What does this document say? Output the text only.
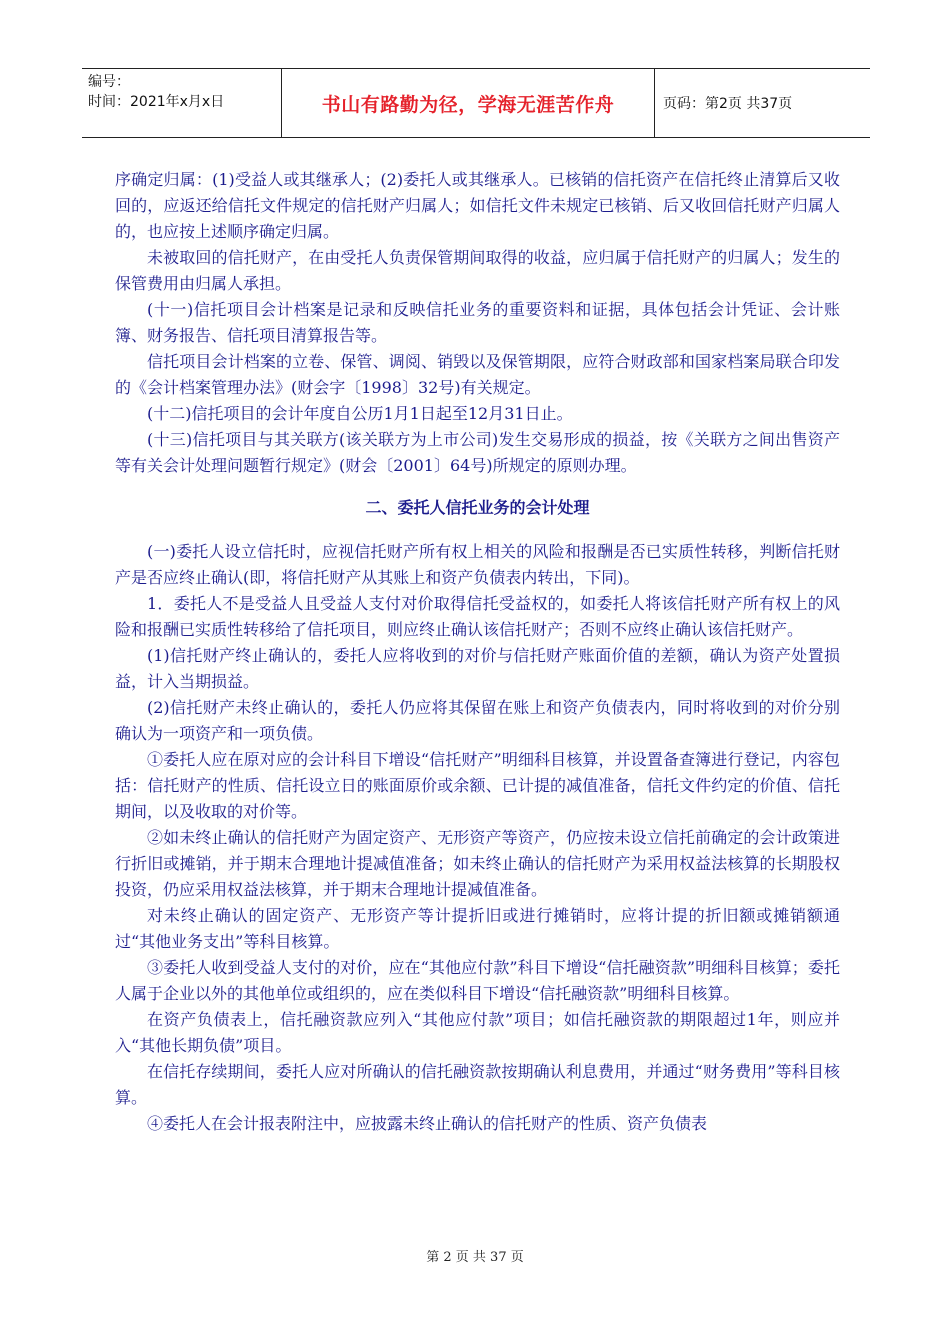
编号：
时间：2021年x月x日	书山有路勤为径，学海无涯苦作舟	页码：第2页 共37页

序确定归属：(1)受益人或其继承人；(2)委托人或其继承人。已核销的信托资产在信托终止清算后又收回的，应返还给信托文件规定的信托财产归属人；如信托文件未规定已核销、后又收回信托财产归属人的，也应按上述顺序确定归属。

未被取回的信托财产，在由受托人负责保管期间取得的收益，应归属于信托财产的归属人；发生的保管费用由归属人承担。

(十一)信托项目会计档案是记录和反映信托业务的重要资料和证据，具体包括会计凭证、会计账簿、财务报告、信托项目清算报告等。

信托项目会计档案的立卷、保管、调阅、销毁以及保管期限，应符合财政部和国家档案局联合印发的《会计档案管理办法》(财会字〔1998〕32号)有关规定。

(十二)信托项目的会计年度自公历1月1日起至12月31日止。

(十三)信托项目与其关联方(该关联方为上市公司)发生交易形成的损益，按《关联方之间出售资产等有关会计处理问题暂行规定》(财会〔2001〕64号)所规定的原则办理。

二、委托人信托业务的会计处理

(一)委托人设立信托时，应视信托财产所有权上相关的风险和报酬是否已实质性转移，判断信托财产是否应终止确认(即，将信托财产从其账上和资产负债表内转出，下同)。

1．委托人不是受益人且受益人支付对价取得信托受益权的，如委托人将该信托财产所有权上的风险和报酬已实质性转移给了信托项目，则应终止确认该信托财产；否则不应终止确认该信托财产。

(1)信托财产终止确认的，委托人应将收到的对价与信托财产账面价值的差额，确认为资产处置损益，计入当期损益。

(2)信托财产未终止确认的，委托人仍应将其保留在账上和资产负债表内，同时将收到的对价分别确认为一项资产和一项负债。

①委托人应在原对应的会计科目下增设“信托财产”明细科目核算，并设置备查簿进行登记，内容包括：信托财产的性质、信托设立日的账面原价或余额、已计提的减值准备，信托文件约定的价值、信托期间，以及收取的对价等。

②如未终止确认的信托财产为固定资产、无形资产等资产，仍应按未设立信托前确定的会计政策进行折旧或摊销，并于期末合理地计提减值准备；如未终止确认的信托财产为采用权益法核算的长期股权投资，仍应采用权益法核算，并于期末合理地计提减值准备。

对未终止确认的固定资产、无形资产等计提折旧或进行摊销时，应将计提的折旧额或摊销额通过“其他业务支出”等科目核算。

③委托人收到受益人支付的对价，应在“其他应付款”科目下增设“信托融资款”明细科目核算；委托人属于企业以外的其他单位或组织的，应在类似科目下增设“信托融资款”明细科目核算。

在资产负债表上，信托融资款应列入“其他应付款”项目；如信托融资款的期限超过1年，则应并入“其他长期负债”项目。

在信托存续期间，委托人应对所确认的信托融资款按期确认利息费用，并通过“财务费用”等科目核算。

④委托人在会计报表附注中，应披露未终止确认的信托财产的性质、资产负债表

第 2 页 共 37 页
